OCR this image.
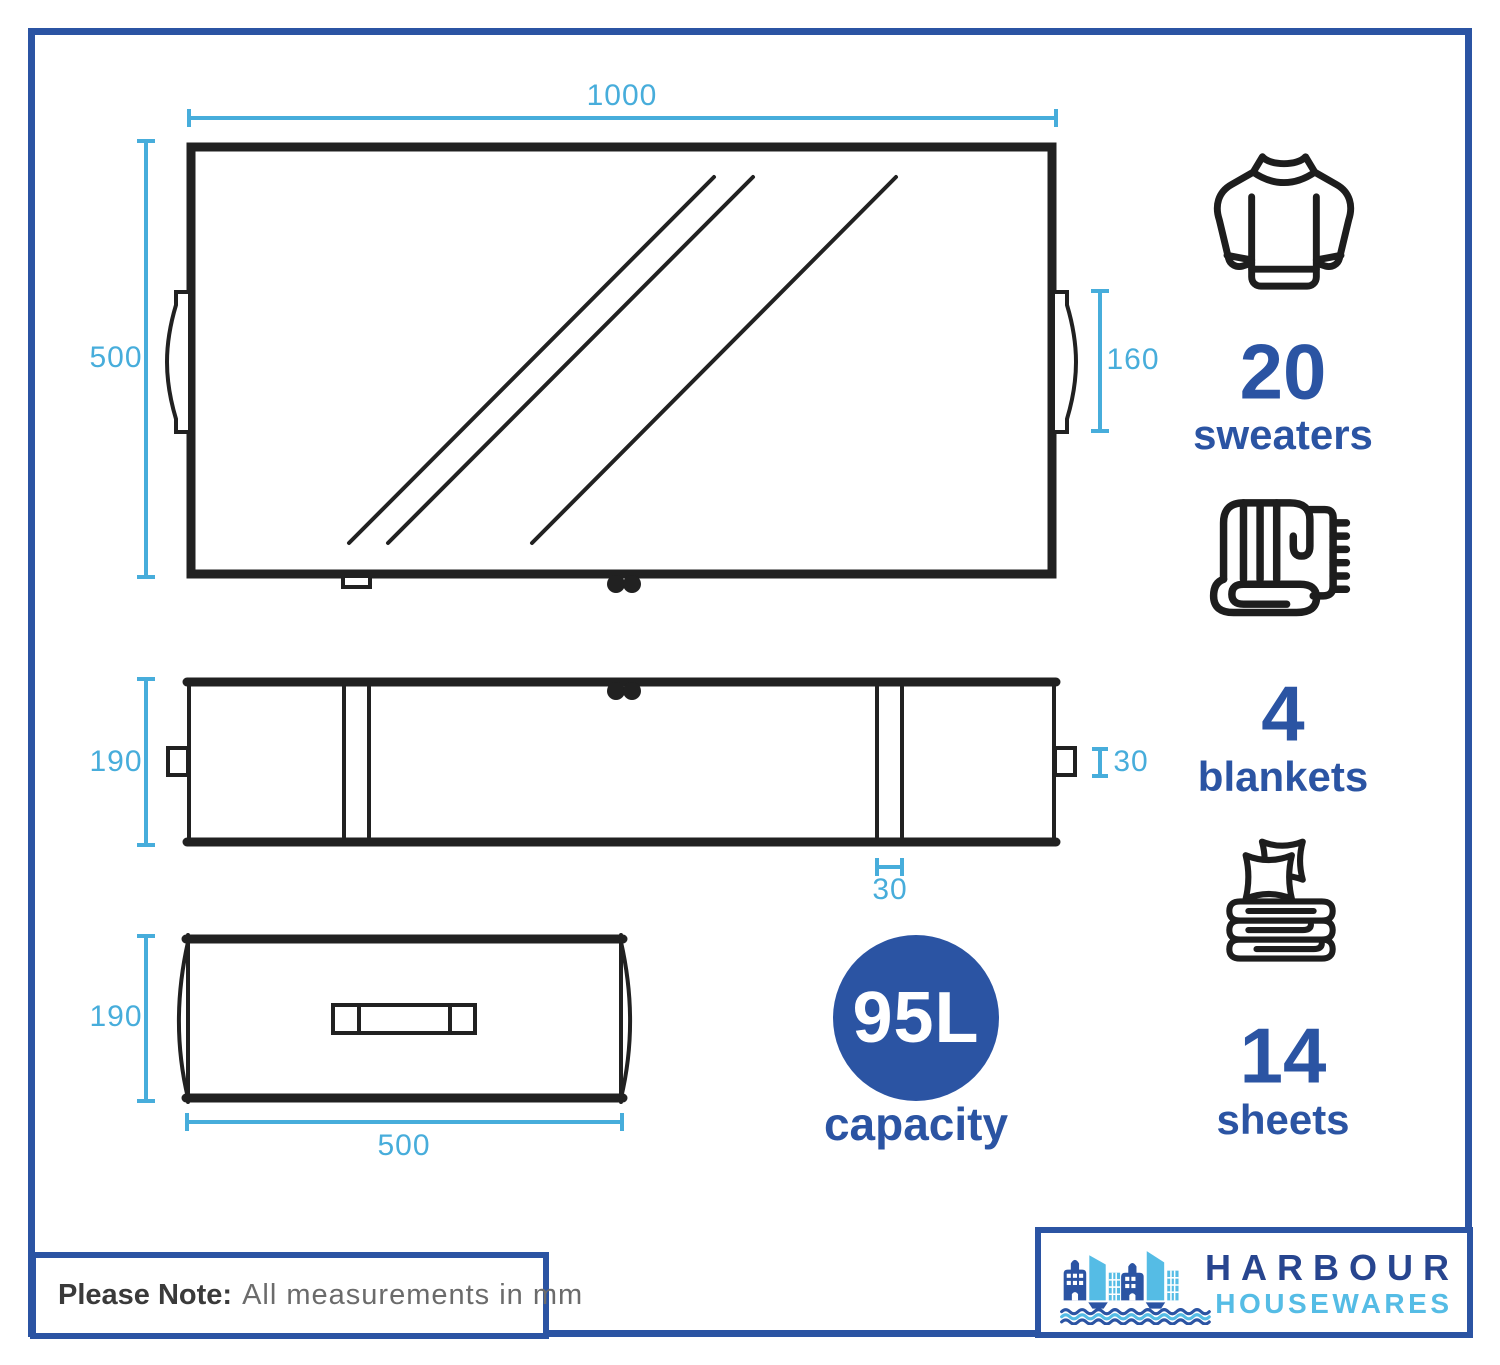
1000
500	160
190	30
30
190
500
20
sweaters
4
blankets
14
sheets
95L
capacity
Please Note: All measurements in mm
HARBOUR
HOUSEWARES
